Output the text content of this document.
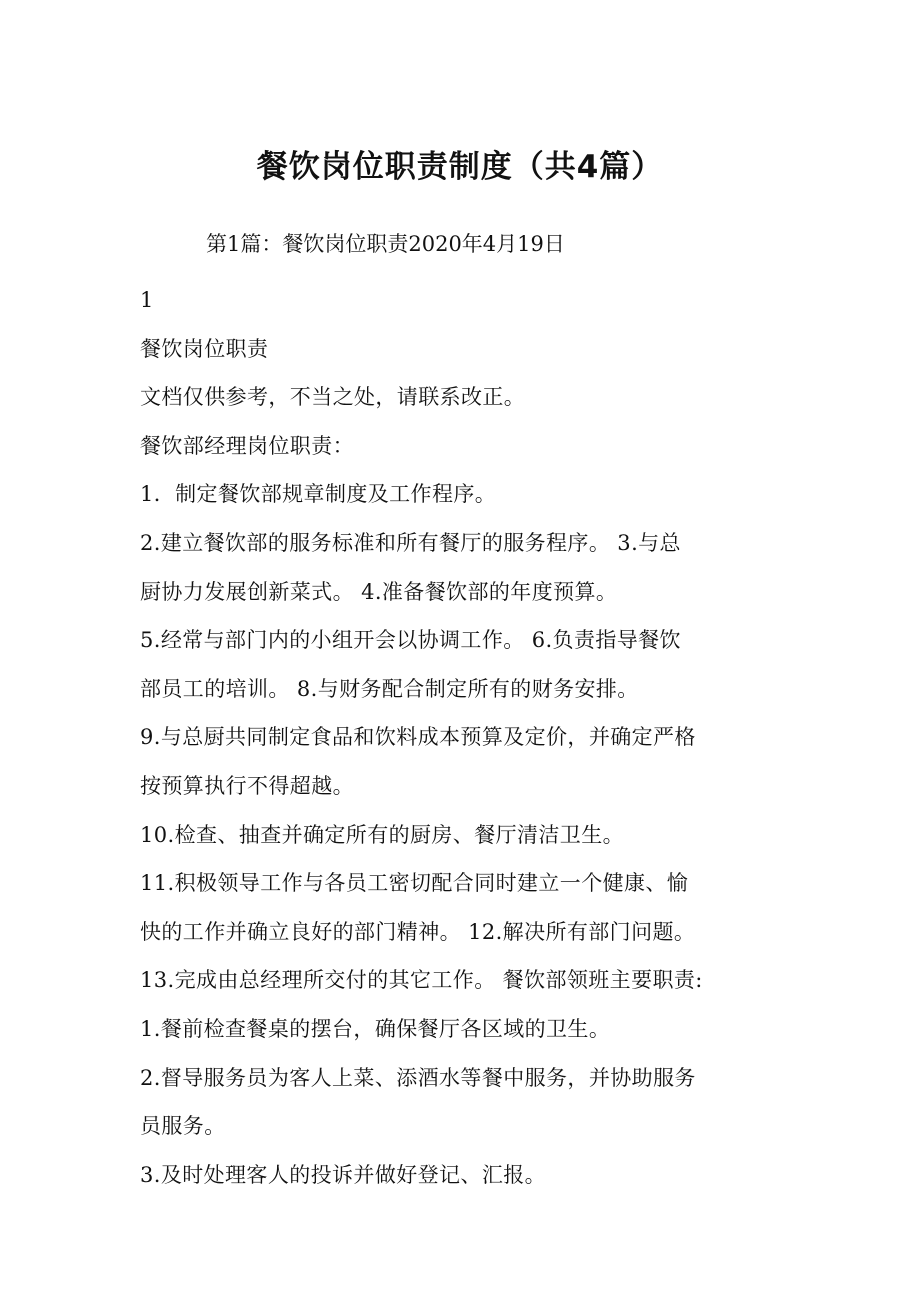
餐饮岗位职责制度（共4篇）

第1篇：餐饮岗位职责2020年4月19日

1

餐饮岗位职责

文档仅供参考，不当之处，请联系改正。

餐饮部经理岗位职责：

1．制定餐饮部规章制度及工作程序。

2.建立餐饮部的服务标准和所有餐厅的服务程序。 3.与总

厨协力发展创新菜式。 4.准备餐饮部的年度预算。

5.经常与部门内的小组开会以协调工作。 6.负责指导餐饮

部员工的培训。 8.与财务配合制定所有的财务安排。

9.与总厨共同制定食品和饮料成本预算及定价，并确定严格

按预算执行不得超越。

10.检查、抽查并确定所有的厨房、餐厅清洁卫生。

11.积极领导工作与各员工密切配合同时建立一个健康、愉

快的工作并确立良好的部门精神。 12.解决所有部门问题。

13.完成由总经理所交付的其它工作。 餐饮部领班主要职责:

1.餐前检查餐桌的摆台，确保餐厅各区域的卫生。

2.督导服务员为客人上菜、添酒水等餐中服务，并协助服务

员服务。

3.及时处理客人的投诉并做好登记、汇报。
